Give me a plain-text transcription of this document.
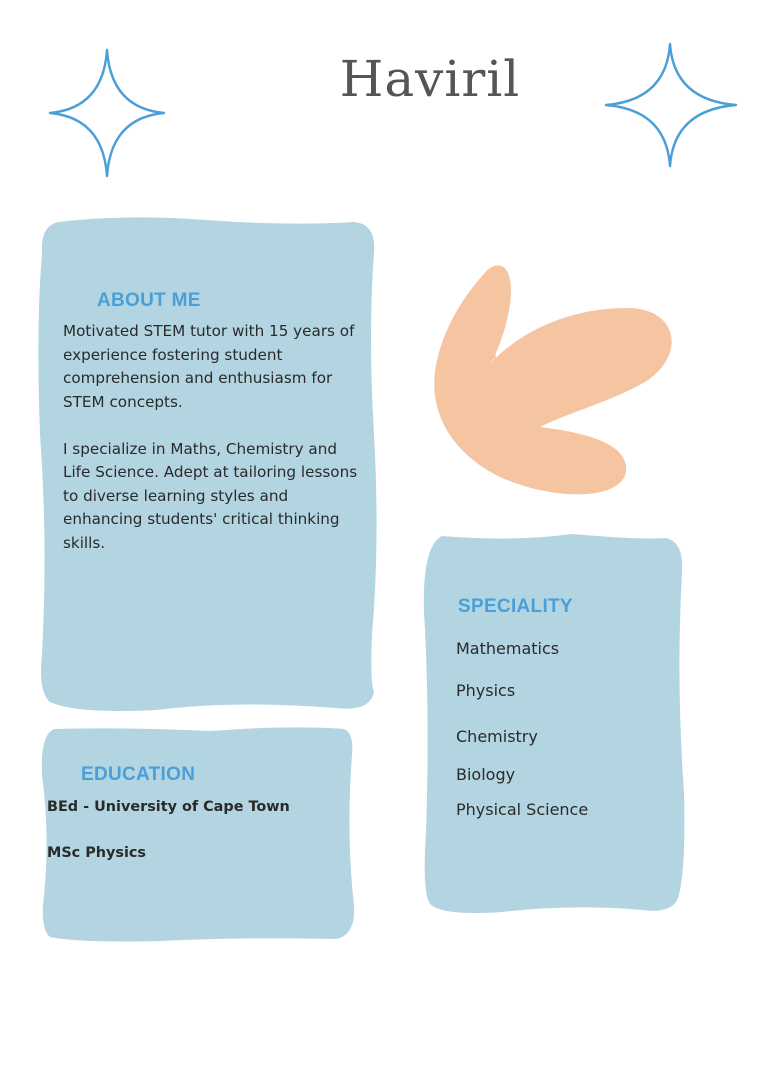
Haviril
ABOUT ME

Motivated STEM tutor with 15 years of experience fostering student comprehension and enthusiasm for STEM concepts.

I specialize in Maths, Chemistry and Life Science. Adept at tailoring lessons to diverse learning styles and enhancing students' critical thinking skills.

EDUCATION
BEd - University of Cape Town
MSc Physics
SPECIALITY
Mathematics
Physics
Chemistry
Biology
Physical Science
